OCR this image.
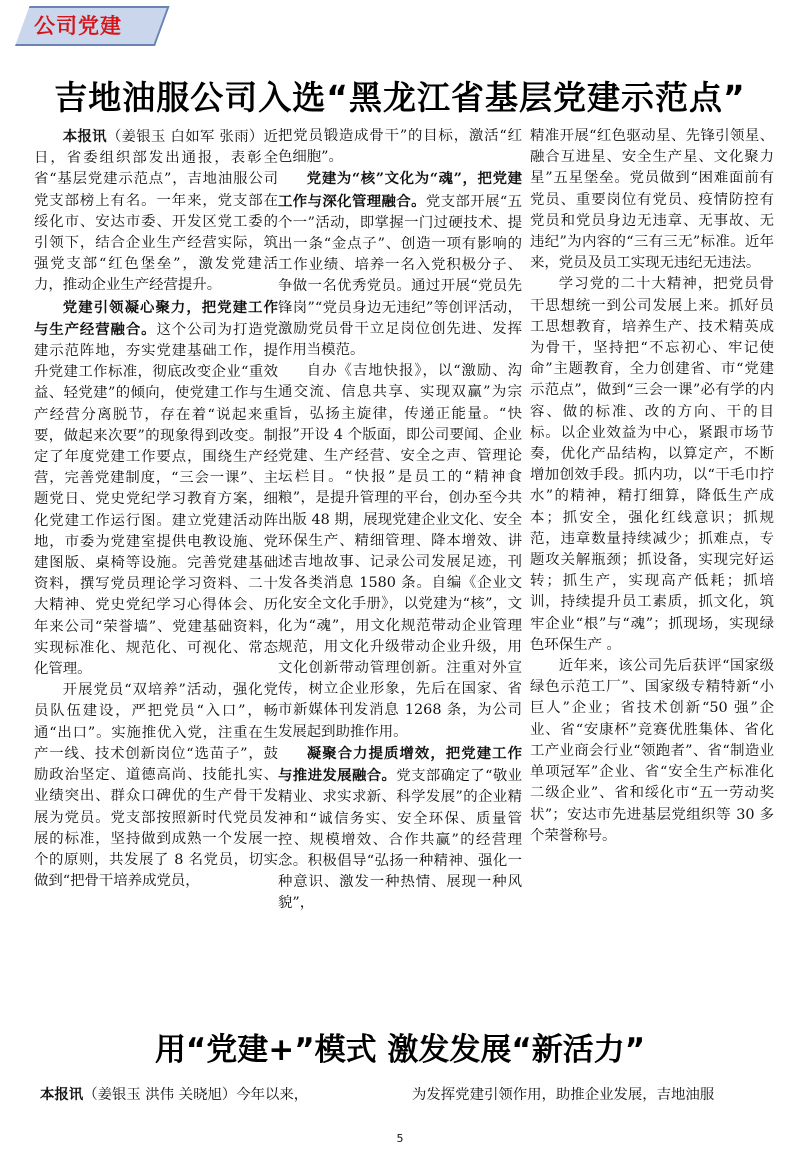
公司党建
吉地油服公司入选“黑龙江省基层党建示范点”

本报讯（姜银玉 白如军 张雨）近日，省委组织部发出通报，表彰全省“基层党建示范点”，吉地油服公司党支部榜上有名。一年来，党支部在绥化市、安达市委、开发区党工委的引领下，结合企业生产经营实际，筑强党支部“红色堡垒”，激发党建活力，推动企业生产经营提升。

党建引领凝心聚力，把党建工作与生产经营融合。这个公司为打造党建示范阵地，夯实党建基础工作，提升党建工作标准，彻底改变企业“重效益、轻党建”的倾向，使党建工作与生产经营分离脱节，存在着“说起来重要，做起来次要”的现象得到改变。制定了年度党建工作要点，围绕生产经营，完善党建制度，“三会一课”、主题党日、党史党纪学习教育方案，细化党建工作运行图。建立党建活动阵地，市委为党建室提供电教设施、党建图版、桌椅等设施。完善党建基础资料，撰写党员理论学习资料、二十大精神、党史党纪学习心得体会、历年来公司“荣誉墙”、党建基础资料，实现标准化、规范化、可视化、常态化管理。

开展党员“双培养”活动，强化党员队伍建设，严把党员“入口”，畅通“出口”。实施推优入党，注重在生产一线、技术创新岗位“选苗子”，鼓励政治坚定、道德高尚、技能扎实、业绩突出、群众口碑优的生产骨干发展为党员。党支部按照新时代党员发展的标准，坚持做到成熟一个发展一个的原则，共发展了 8 名党员，切实做到“把骨干培养成党员，

把党员锻造成骨干”的目标，激活“红色细胞”。

党建为“核”文化为“魂”，把党建工作与深化管理融合。党支部开展“五个一”活动，即掌握一门过硬技术、提出一条“金点子”、创造一项有影响的工作业绩、培养一名入党积极分子、争做一名优秀党员。通过开展“党员先锋岗”“党员身边无违纪”等创评活动，激励党员骨干立足岗位创先进、发挥作用当模范。

自办《吉地快报》，以“激励、沟通交流、信息共享、实现双赢”为宗旨，弘扬主旋律，传递正能量。“快报”开设 4 个版面，即公司要闻、企业党建、生产经营、安全之声、管理论坛栏目。“快报”是员工的“精神食粮”，是提升管理的平台，创办至今共出版 48 期，展现党建企业文化、安全环保生产、精细管理、降本增效、讲述吉地故事、记录公司发展足迹，刊发各类消息 1580 条。自编《企业文化安全文化手册》，以党建为“核”，文化为“魂”，用文化规范带动企业管理规范，用文化升级带动企业升级，用文化创新带动管理创新。注重对外宣传，树立企业形象，先后在国家、省市新媒体刊发消息 1268 条，为公司发展起到助推作用。

凝聚合力提质增效，把党建工作与推进发展融合。党支部确定了“敬业精业、求实求新、科学发展”的企业精神和“诚信务实、安全环保、质量管控、规模增效、合作共赢”的经营理念。积极倡导“弘扬一种精神、强化一种意识、激发一种热情、展现一种风貌”，

精准开展“红色驱动星、先锋引领星、融合互进星、安全生产星、文化聚力星”五星堡垒。党员做到“困难面前有党员、重要岗位有党员、疫情防控有党员和党员身边无违章、无事故、无违纪”为内容的“三有三无”标准。近年来，党员及员工实现无违纪无违法。

学习党的二十大精神，把党员骨干思想统一到公司发展上来。抓好员工思想教育，培养生产、技术精英成为骨干，坚持把“不忘初心、牢记使命”主题教育，全力创建省、市“党建示范点”，做到“三会一课”必有学的内容、做的标准、改的方向、干的目标。以企业效益为中心，紧跟市场节奏，优化产品结构，以算定产，不断增加创效手段。抓内功，以“干毛巾拧水”的精神，精打细算，降低生产成本；抓安全，强化红线意识；抓规范，违章数量持续减少；抓难点，专题攻关解瓶颈；抓设备，实现完好运转；抓生产，实现高产低耗；抓培训，持续提升员工素质，抓文化，筑牢企业“根”与“魂”；抓现场，实现绿色环保生产 。

近年来，该公司先后获评“国家级绿色示范工厂”、国家级专精特新“小巨人”企业；省技术创新“50 强”企业、省“安康杯”竞赛优胜集体、省化工产业商会行业“领跑者”、省“制造业单项冠军”企业、省“安全生产标准化二级企业”、省和绥化市“五一劳动奖状”；安达市先进基层党组织等 30 多个荣誉称号。

用“党建+”模式 激发发展“新活力”
本报讯（姜银玉 洪伟 关晓旭）今年以来，	为发挥党建引领作用，助推企业发展，吉地油服
5
